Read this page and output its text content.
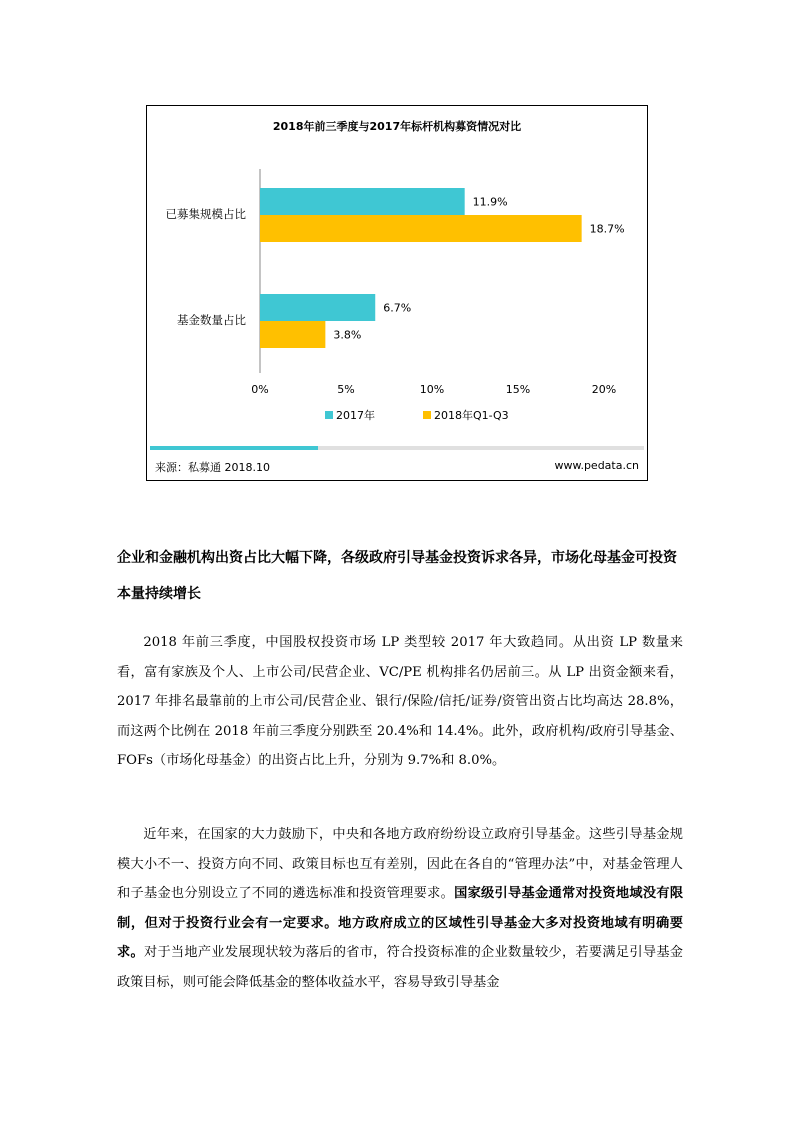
2018年前三季度与2017年标杆机构募资情况对比
已募集规模占比
11.9%
18.7%
基金数量占比
6.7%
3.8%
0%	5%	10%	15%	20%
2017年	2018年Q1-Q3
来源：私募通 2018.10	www.pedata.cn

企业和金融机构出资占比大幅下降，各级政府引导基金投资诉求各异，市场化母基金可投资本量持续增长

2018 年前三季度，中国股权投资市场 LP 类型较 2017 年大致趋同。从出资 LP 数量来看，富有家族及个人、上市公司/民营企业、VC/PE 机构排名仍居前三。从 LP 出资金额来看，2017 年排名最靠前的上市公司/民营企业、银行/保险/信托/证券/资管出资占比均高达 28.8%，而这两个比例在 2018 年前三季度分别跌至 20.4%和 14.4%。此外，政府机构/政府引导基金、FOFs（市场化母基金）的出资占比上升，分别为 9.7%和 8.0%。

近年来，在国家的大力鼓励下，中央和各地方政府纷纷设立政府引导基金。这些引导基金规模大小不一、投资方向不同、政策目标也互有差别，因此在各自的“管理办法”中，对基金管理人和子基金也分别设立了不同的遴选标准和投资管理要求。国家级引导基金通常对投资地域没有限制，但对于投资行业会有一定要求。地方政府成立的区域性引导基金大多对投资地域有明确要求。对于当地产业发展现状较为落后的省市，符合投资标准的企业数量较少，若要满足引导基金政策目标，则可能会降低基金的整体收益水平，容易导致引导基金
